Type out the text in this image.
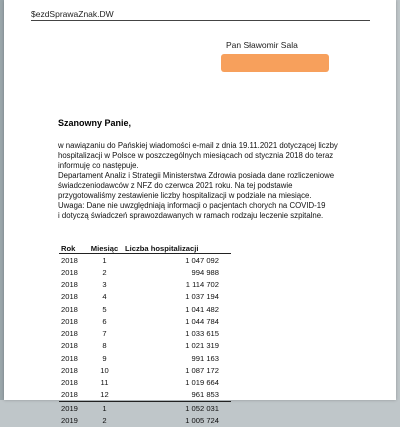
$ezdSprawaZnak.DW
Pan Sławomir Sala
Szanowny Panie,

w nawiązaniu do Pańskiej wiadomości e-mail z dnia 19.11.2021 dotyczącej liczby

hospitalizacji w Polsce w poszczególnych miesiącach od stycznia 2018 do teraz

informuję co następuje.

Departament Analiz i Strategii Ministerstwa Zdrowia posiada dane rozliczeniowe

świadczeniodawców z NFZ do czerwca 2021 roku. Na tej podstawie

przygotowaliśmy zestawienie liczby hospitalizacji w podziale na miesiące.

Uwaga: Dane nie uwzględniają informacji o pacjentach chorych na COVID-19

i dotyczą świadczeń sprawozdawanych w ramach rodzaju leczenie szpitalne.

Rok	Miesiąc Liczba hospitalizacji
2018	1	1 047 092
2018	2	994 988
2018	3	1 114 702
2018	4	1 037 194
2018	5	1 041 482
2018	6	1 044 784
2018	7	1 033 615
2018	8	1 021 319
2018	9	991 163
2018	10	1 087 172
2018	11	1 019 664
2018	12	961 853
2019	1	1 052 031
2019	2	1 005 724
